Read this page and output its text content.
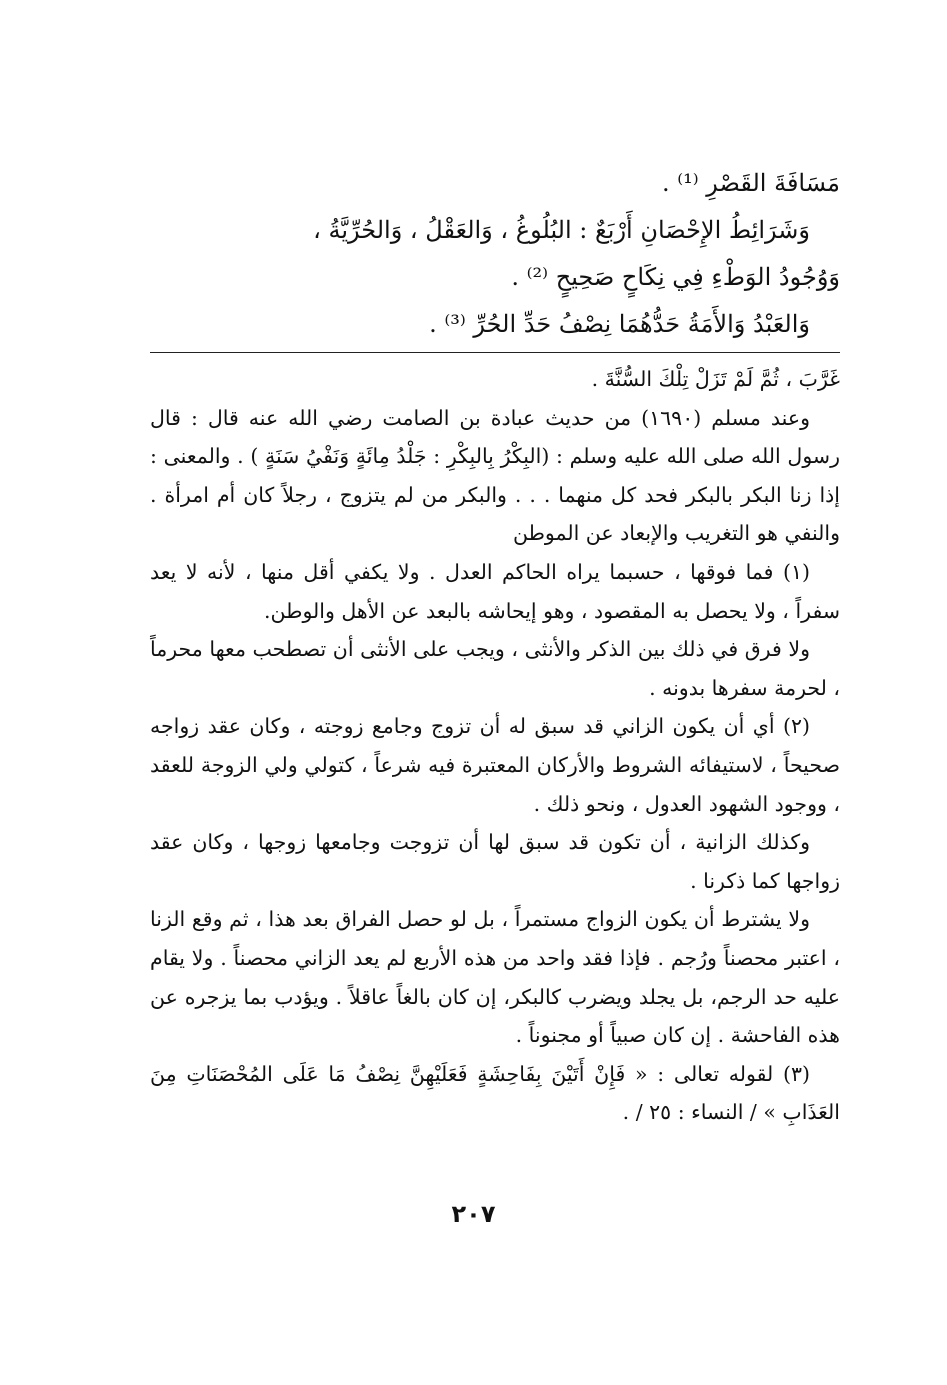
مَسَافَةَ القَصْرِ ⁽¹⁾ .
وَشَرَائِطُ الإِحْصَانِ أَرْبَعٌ : البُلُوغُ ، وَالعَقْلُ ، وَالحُرِّيَّةُ ،
وَوُجُودُ الوَطْءِ فِي نِكَاحٍ صَحِيحٍ ⁽²⁾ .
وَالعَبْدُ وَالأَمَةُ حَدُّهُمَا نِصْفُ حَدِّ الحُرِّ ⁽³⁾ .

غَرَّبَ ، ثُمَّ لَمْ تَزَلْ تِلْكَ السُّنَّةَ .

وعند مسلم (١٦٩٠) من حديث عبادة بن الصامت رضي الله عنه قال : قال رسول الله صلى الله عليه وسلم : (البِكْرُ بِالبِكْرِ : جَلْدُ مِائَةٍ وَنَفْيُ سَنَةٍ ) . والمعنى : إذا زنا البكر بالبكر فحد كل منهما . . . والبكر من لم يتزوج ، رجلاً كان أم امرأة . والنفي هو التغريب والإبعاد عن الموطن

(١) فما فوقها ، حسبما يراه الحاكم العدل . ولا يكفي أقل منها ، لأنه لا يعد سفراً ، ولا يحصل به المقصود ، وهو إيحاشه بالبعد عن الأهل والوطن.

ولا فرق في ذلك بين الذكر والأنثى ، ويجب على الأنثى أن تصطحب معها محرماً ، لحرمة سفرها بدونه .

(٢) أي أن يكون الزاني قد سبق له أن تزوج وجامع زوجته ، وكان عقد زواجه صحيحاً ، لاستيفائه الشروط والأركان المعتبرة فيه شرعاً ، كتولي ولي الزوجة للعقد ، ووجود الشهود العدول ، ونحو ذلك .

وكذلك الزانية ، أن تكون قد سبق لها أن تزوجت وجامعها زوجها ، وكان عقد زواجها كما ذكرنا .

ولا يشترط أن يكون الزواج مستمراً ، بل لو حصل الفراق بعد هذا ، ثم وقع الزنا ، اعتبر محصناً ورُجم . فإذا فقد واحد من هذه الأربع لم يعد الزاني محصناً . ولا يقام عليه حد الرجم، بل يجلد ويضرب كالبكر، إن كان بالغاً عاقلاً . ويؤدب بما يزجره عن هذه الفاحشة . إن كان صبياً أو مجنوناً .

(٣) لقوله تعالى : « فَإِنْ أَتَيْنَ بِفَاحِشَةٍ فَعَلَيْهِنَّ نِصْفُ مَا عَلَى المُحْصَنَاتِ مِنَ العَذَابِ » / النساء : ٢٥ / .

٢٠٧
